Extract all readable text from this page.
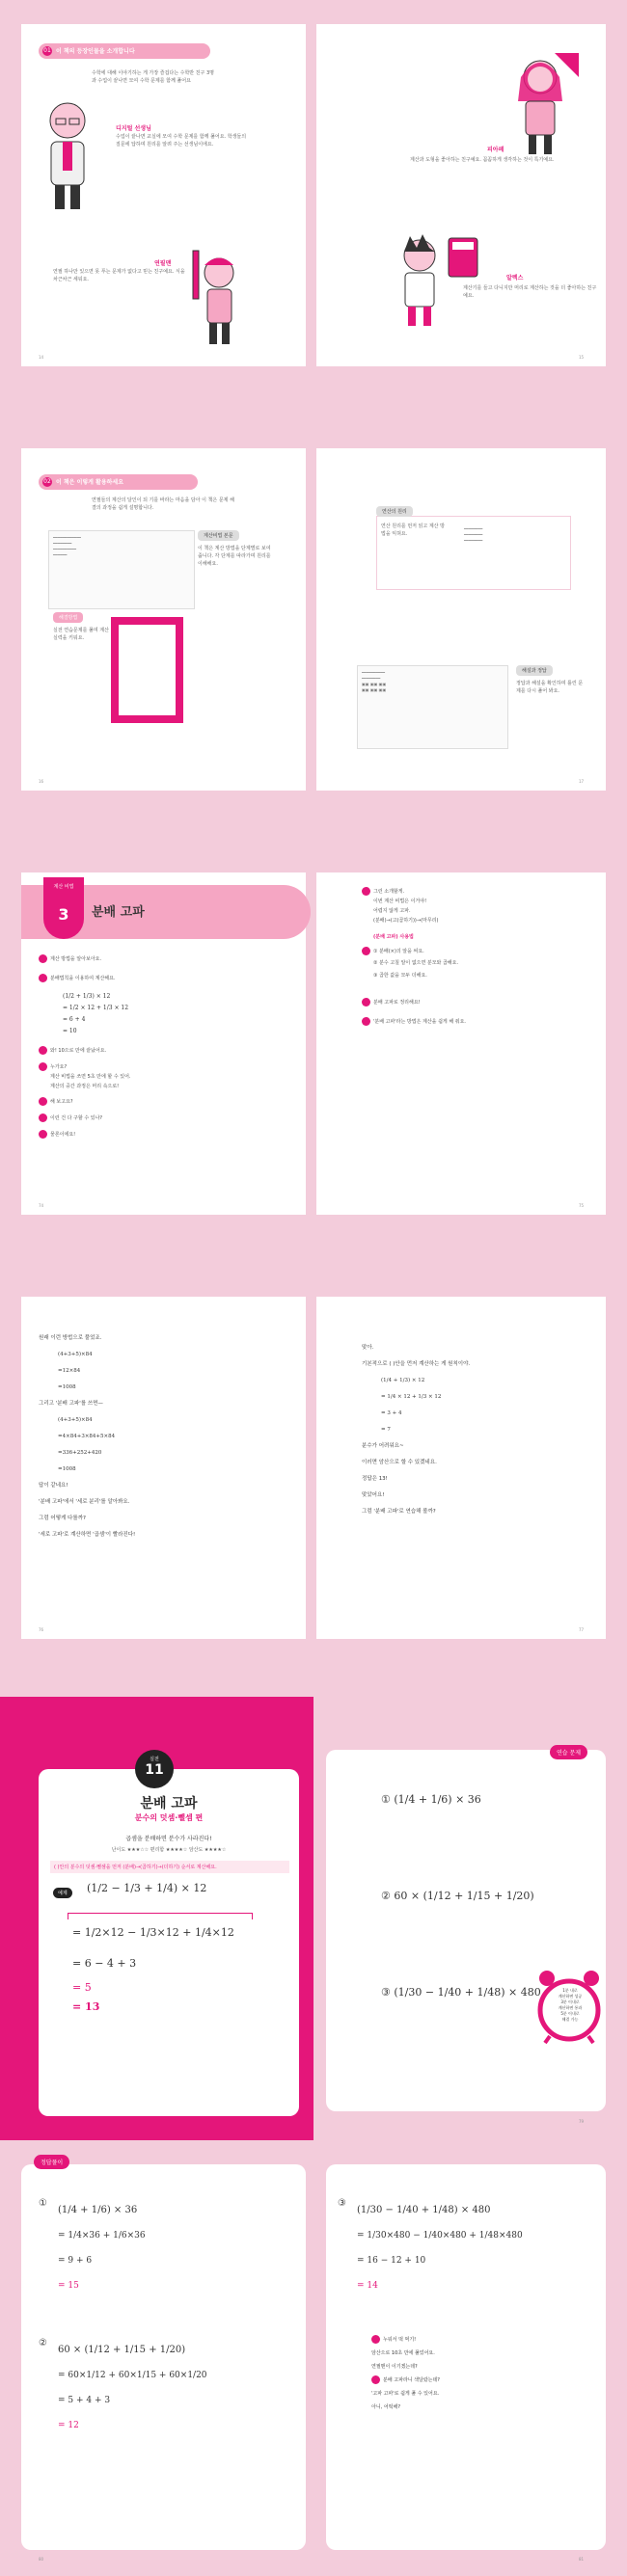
01 이 책의 등장인물을 소개합니다
수학에 대해 이야기하는 게 가장 즐겁다는 수학반 친구 3명과 수업이 끝나면 모여 수학 문제를 함께 풀어요
디지털 선생님
수업이 끝나면 교실에 모여 수학 문제를 함께 풀어요. 학생들의 질문에 답하며 원리를 알려 주는 선생님이에요.
연필맨
연필 하나만 있으면 못 푸는 문제가 없다고 믿는 친구예요. 식을 차근차근 세워요.
피아페
계산과 도형을 좋아하는 친구예요. 꼼꼼하게 생각하는 것이 특기예요.
알렉스
계산기를 들고 다니지만 머리로 계산하는 것을 더 좋아하는 친구예요.
14	15
02 이 책은 이렇게 활용하세요
연필들의 계산의 달인이 되 기를 바라는 마음을 담아 이 책은 문제 해결의 과정을 쉽게 설명합니다.
━━━━━━━━━━━━
━━━━━━━━
━━━━━━━━━━
━━━━━━
계산비법 본문
이 책은 계산 방법을 단계별로 보여 줍니다. 각 단계를 따라가며 원리를 이해해요.
해결방법
실전 연습문제를 풀며 계산 실력을 키워요.
━━━━━━━━
━━━━━━━━
━━━━━━━━
연산의 원리
연산 원리를 먼저 읽고 계산 방법을 익혀요.
━━━━━━━━━━
━━━━━━━━
▣▣ ▣▣ ▣▣
▣▣ ▣▣ ▣▣
해설과 정답
정답과 해설을 확인하며 틀린 문제를 다시 풀어 봐요.
16	17
계산 비법
3	분배 고파
계산 방법을 알아보아요.
분배법칙을 이용하여 계산해요.
(1/2 + 1/3) × 12
= 1/2 × 12 + 1/3 × 12
= 6 + 4
= 10
와! 10으로 만에 끝났어요.
누가요?
계산 비법을 쓰면 5초 만에 할 수 있어.
계산의 중간 과정은 머리 속으로!
해 보고요?
이런 건 다 구할 수 있나?
물론이에요!
그런 소개할게.
이번 계산 비법은 이거야!
어렵지 않게 고파.
(분배)→(고(곱하기))→(마무리)
(분배 고파) 사용법
① 분배(×)의 알을 써요.
② 분수 고칠 알이 없으면 분모와 곱해요.
③ 곱한 값을 모두 더해요.
분배 고파로 정리해요!
'분배 고파'라는 방법은 계산을 쉽게 해 줘요.
74	75
원래 이런 방법으로 풀었죠.
(4+3+5)×84
=12×84
=1008
그리고 '분배 고파'를 쓰면—
(4+3+5)×84
=4×84+3×84+5×84
=336+252+420
=1008
답이 같네요!
'분배 고파'에서 '세로 분리'를 알아봐요.
그럼 어떻게 다를까?
'세로 고파'로 계산하면 '곱셈'이 빨라진다!
맞아.
기본적으로 ( )안을 먼저 계산하는 게 원칙이야.
(1/4 + 1/3) × 12
= 1/4 × 12 + 1/3 × 12
= 3 + 4
= 7
분수가 어려워요~
이러면 암산으로 할 수 있겠네요.
정답은 13!
맞았어요!
그럼 '분배 고파'로 연습해 볼까?
76	77
실전
11
분배 고파
분수의 덧셈·뺄셈 편
곱셈을 분배하면 분수가 사라진다!
난이도 ★★★☆☆ 편리함 ★★★★☆ 암산도 ★★★★☆
( )안의 분수의 덧셈·뺄셈을 먼저 (분배)→(곱하기)→(더하기) 순서로 계산해요.
예제	(1/2 − 1/3 + 1/4) × 12
= 1/2×12 − 1/3×12 + 1/4×12
= 6 − 4 + 3
= 5
= 13
연습 문제
① (1/4 + 1/6) × 36
② 60 × (1/12 + 1/15 + 1/20)
③ (1/30 − 1/40 + 1/48) × 480	1분 내로
계산하면 성공
3분 이내로
계산하면 통과
5분 이내로
해결 가능
79
정답풀이
(1/4 + 1/6) × 36
= 1/4×36 + 1/6×36
= 9 + 6
= 15
①
60 × (1/12 + 1/15 + 1/20)
= 60×1/12 + 60×1/15 + 60×1/20
= 5 + 4 + 3
= 12
②
(1/30 − 1/40 + 1/48) × 480
= 1/30×480 − 1/40×480 + 1/48×480
= 16 − 12 + 10
= 14
③
누워서 떡 먹기!
암산으로 10초 만에 풀었어요.
연필맨이 이기겠는데?
분배 고파라니 색달랐는데?
'고파 고파'로 쉽게 풀 수 있어요.
아니, 어떡해?
80	81
